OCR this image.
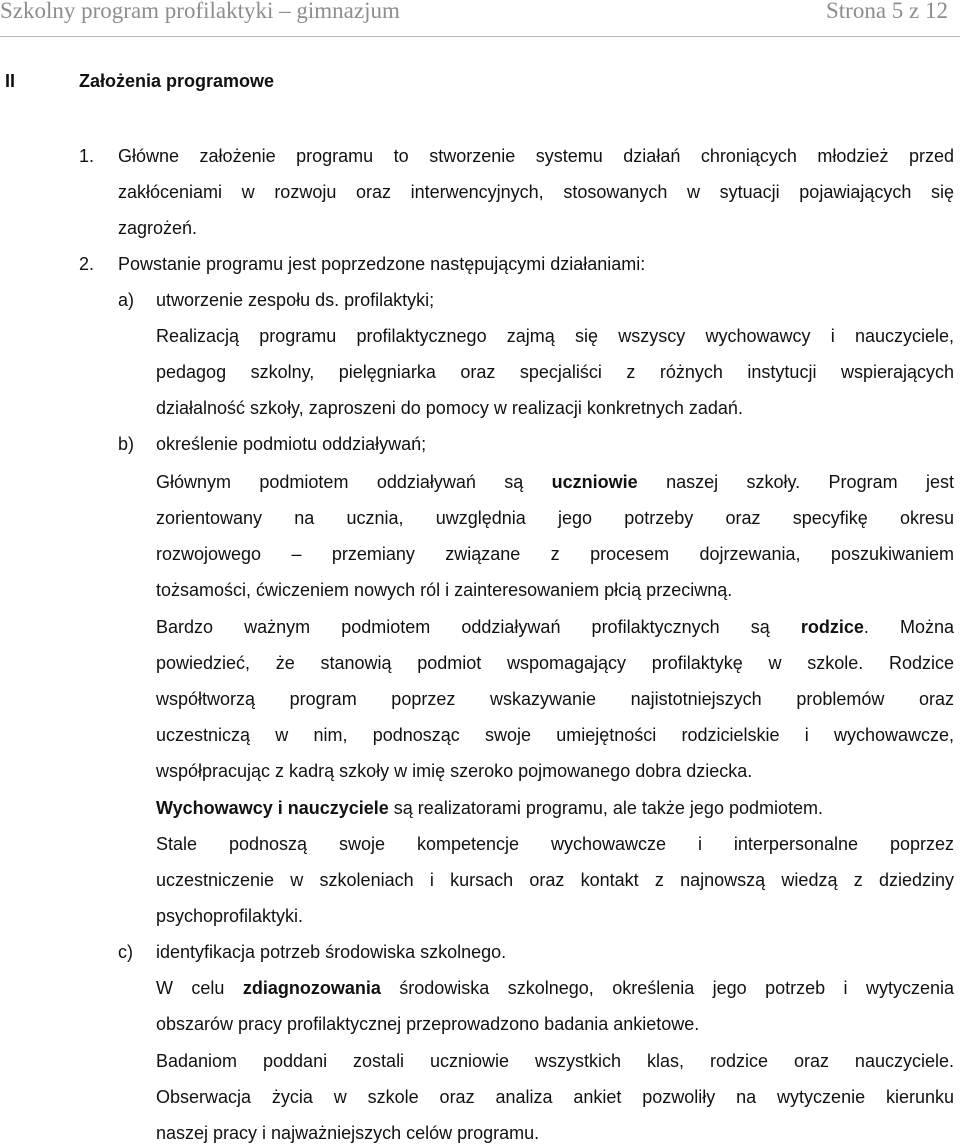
Szkolny program profilaktyki – gimnazjum	Strona 5 z 12
II	Założenia programowe
1. Główne założenie programu to stworzenie systemu działań chroniących młodzież przed
zakłóceniami w rozwoju oraz interwencyjnych, stosowanych w sytuacji pojawiających się
zagrożeń.
2. Powstanie programu jest poprzedzone następującymi działaniami:
a) utworzenie zespołu ds. profilaktyki;
Realizacją programu profilaktycznego zajmą się wszyscy wychowawcy i nauczyciele,
pedagog szkolny, pielęgniarka oraz specjaliści z różnych instytucji wspierających
działalność szkoły, zaproszeni do pomocy w realizacji konkretnych zadań.
b) określenie podmiotu oddziaływań;
Głównym podmiotem oddziaływań są uczniowie naszej szkoły. Program jest
zorientowany na ucznia, uwzględnia jego potrzeby oraz specyfikę okresu
rozwojowego – przemiany związane z procesem dojrzewania, poszukiwaniem
tożsamości, ćwiczeniem nowych ról i zainteresowaniem płcią przeciwną.
Bardzo ważnym podmiotem oddziaływań profilaktycznych są rodzice. Można
powiedzieć, że stanowią podmiot wspomagający profilaktykę w szkole. Rodzice
współtworzą program poprzez wskazywanie najistotniejszych problemów oraz
uczestniczą w nim, podnosząc swoje umiejętności rodzicielskie i wychowawcze,
współpracując z kadrą szkoły w imię szeroko pojmowanego dobra dziecka.
Wychowawcy i nauczyciele są realizatorami programu, ale także jego podmiotem.
Stale podnoszą swoje kompetencje wychowawcze i interpersonalne poprzez
uczestniczenie w szkoleniach i kursach oraz kontakt z najnowszą wiedzą z dziedziny
psychoprofilaktyki.
c) identyfikacja potrzeb środowiska szkolnego.
W celu zdiagnozowania środowiska szkolnego, określenia jego potrzeb i wytyczenia
obszarów pracy profilaktycznej przeprowadzono badania ankietowe.
Badaniom poddani zostali uczniowie wszystkich klas, rodzice oraz nauczyciele.
Obserwacja życia w szkole oraz analiza ankiet pozwoliły na wytyczenie kierunku
naszej pracy i najważniejszych celów programu.
